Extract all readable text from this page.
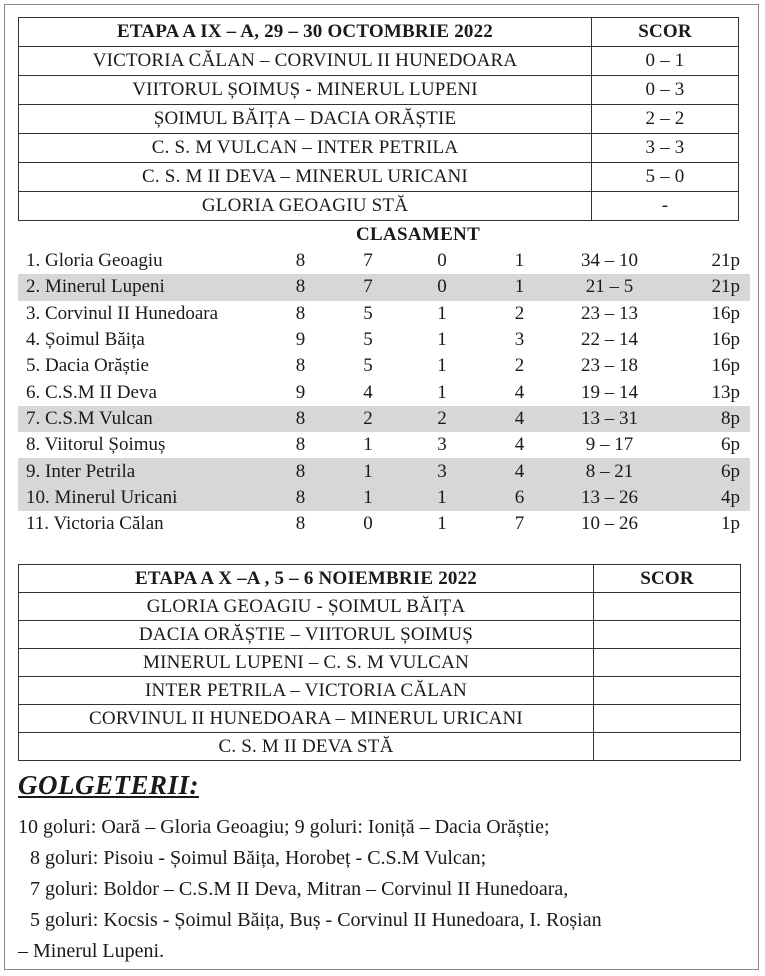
ETAPA A IX – A, 29 – 30 OCTOMBRIE 2022	SCOR
VICTORIA CĂLAN – CORVINUL II HUNEDOARA	0 – 1
VIITORUL ȘOIMUȘ - MINERUL LUPENI	0 – 3
ȘOIMUL BĂIȚA – DACIA ORĂȘTIE	2 – 2
C. S. M VULCAN – INTER PETRILA	3 – 3
C. S. M II DEVA – MINERUL URICANI	5 – 0
GLORIA GEOAGIU STĂ	-
CLASAMENT
1. Gloria Geoagiu	8	7	0	1	34 – 10	21p
2. Minerul Lupeni	8	7	0	1	21 – 5	21p
3. Corvinul II Hunedoara	8	5	1	2	23 – 13	16p
4. Șoimul Băița	9	5	1	3	22 – 14	16p
5. Dacia Orăștie	8	5	1	2	23 – 18	16p
6. C.S.M II Deva	9	4	1	4	19 – 14	13p
7. C.S.M Vulcan	8	2	2	4	13 – 31	8p
8. Viitorul Șoimuș	8	1	3	4	9 – 17	6p
9. Inter Petrila	8	1	3	4	8 – 21	6p
10. Minerul Uricani	8	1	1	6	13 – 26	4p
11. Victoria Călan	8	0	1	7	10 – 26	1p
ETAPA A X –A , 5 – 6 NOIEMBRIE 2022	SCOR
GLORIA GEOAGIU - ȘOIMUL BĂIȚA	
DACIA ORĂȘTIE – VIITORUL ȘOIMUȘ	
MINERUL LUPENI – C. S. M VULCAN	
INTER PETRILA – VICTORIA CĂLAN	
CORVINUL II HUNEDOARA – MINERUL URICANI	
C. S. M II DEVA STĂ	
GOLGETERII:
10 goluri: Oară – Gloria Geoagiu; 9 goluri: Ioniță – Dacia Orăștie;
8 goluri: Pisoiu - Șoimul Băița, Horobeț - C.S.M Vulcan;
7 goluri: Boldor – C.S.M II Deva, Mitran – Corvinul II Hunedoara,
5 goluri: Kocsis - Șoimul Băița, Buș - Corvinul II Hunedoara, I. Roșian
– Minerul Lupeni.
